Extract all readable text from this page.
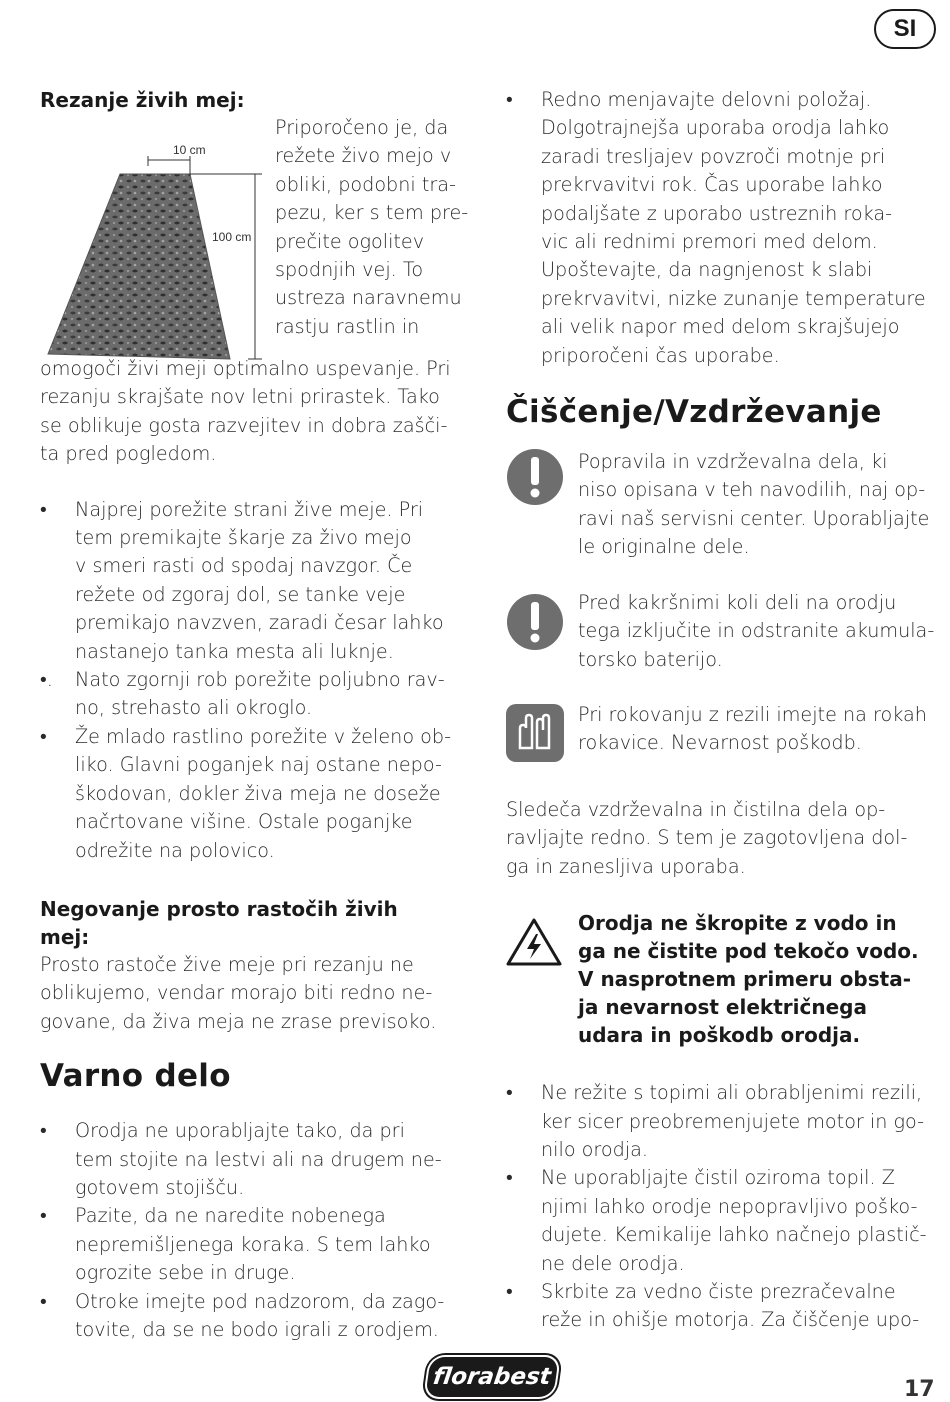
SI

Rezanje živih mej:

10 cm
100 cm

Priporočeno je, da

režete živo mejo v

obliki, podobni tra-

pezu, ker s tem pre-

prečite ogolitev

spodnjih vej. To

ustreza naravnemu

rastju rastlin in

omogoči živi meji optimalno uspevanje. Pri

rezanju skrajšate nov letni prirastek. Tako

se oblikuje gosta razvejitev in dobra zašči-

ta pred pogledom.

•	Najprej porežite strani žive meje. Pri

tem premikajte škarje za živo mejo

v smeri rasti od spodaj navzgor. Če

režete od zgoraj dol, se tanke veje

premikajo navzven, zaradi česar lahko

nastanejo tanka mesta ali luknje.

•.	Nato zgornji rob porežite poljubno rav-

no, strehasto ali okroglo.

•	Že mlado rastlino porežite v želeno ob-

liko. Glavni poganjek naj ostane nepo-

škodovan, dokler živa meja ne doseže

načrtovane višine. Ostale poganjke

odrežite na polovico.

Negovanje prosto rastočih živih

mej:

Prosto rastoče žive meje pri rezanju ne

oblikujemo, vendar morajo biti redno ne-

govane, da živa meja ne zrase previsoko.

Varno delo

•	Orodja ne uporabljajte tako, da pri

tem stojite na lestvi ali na drugem ne-

gotovem stojišču.

•	Pazite, da ne naredite nobenega

nepremišljenega koraka. S tem lahko

ogrozite sebe in druge.

•	Otroke imejte pod nadzorom, da zago-

tovite, da se ne bodo igrali z orodjem.

•	Redno menjavajte delovni položaj.

Dolgotrajnejša uporaba orodja lahko

zaradi tresljajev povzroči motnje pri

prekrvavitvi rok. Čas uporabe lahko

podaljšate z uporabo ustreznih roka-

vic ali rednimi premori med delom.

Upoštevajte, da nagnjenost k slabi

prekrvavitvi, nizke zunanje temperature

ali velik napor med delom skrajšujejo

priporočeni čas uporabe.

Čiščenje/Vzdrževanje

Popravila in vzdrževalna dela, ki

niso opisana v teh navodilih, naj op-

ravi naš servisni center. Uporabljajte

le originalne dele.

Pred kakršnimi koli deli na orodju

tega izklјučite in odstranite akumula-

torsko baterijo.

Pri rokovanju z rezili imejte na rokah

rokavice. Nevarnost poškodb.

Sledeča vzdrževalna in čistilna dela op-

ravljajte redno. S tem je zagotovljena dol-

ga in zanesljiva uporaba.

Orodja ne škropite z vodo in

ga ne čistite pod tekočo vodo.

V nasprotnem primeru obsta-

ja nevarnost električnega

udara in poškodb orodja.

•	Ne režite s topimi ali obrabljenimi rezili,

ker sicer preobremenjujete motor in go-

nilo orodja.

•	Ne uporabljajte čistil oziroma topil. Z

njimi lahko orodje nepopravljivo poško-

dujete. Kemikalije lahko načnejo plastič-

ne dele orodja.

•	Skrbite za vedno čiste prezračevalne

reže in ohišje motorja. Za čiščenje upo-

florabest	17
